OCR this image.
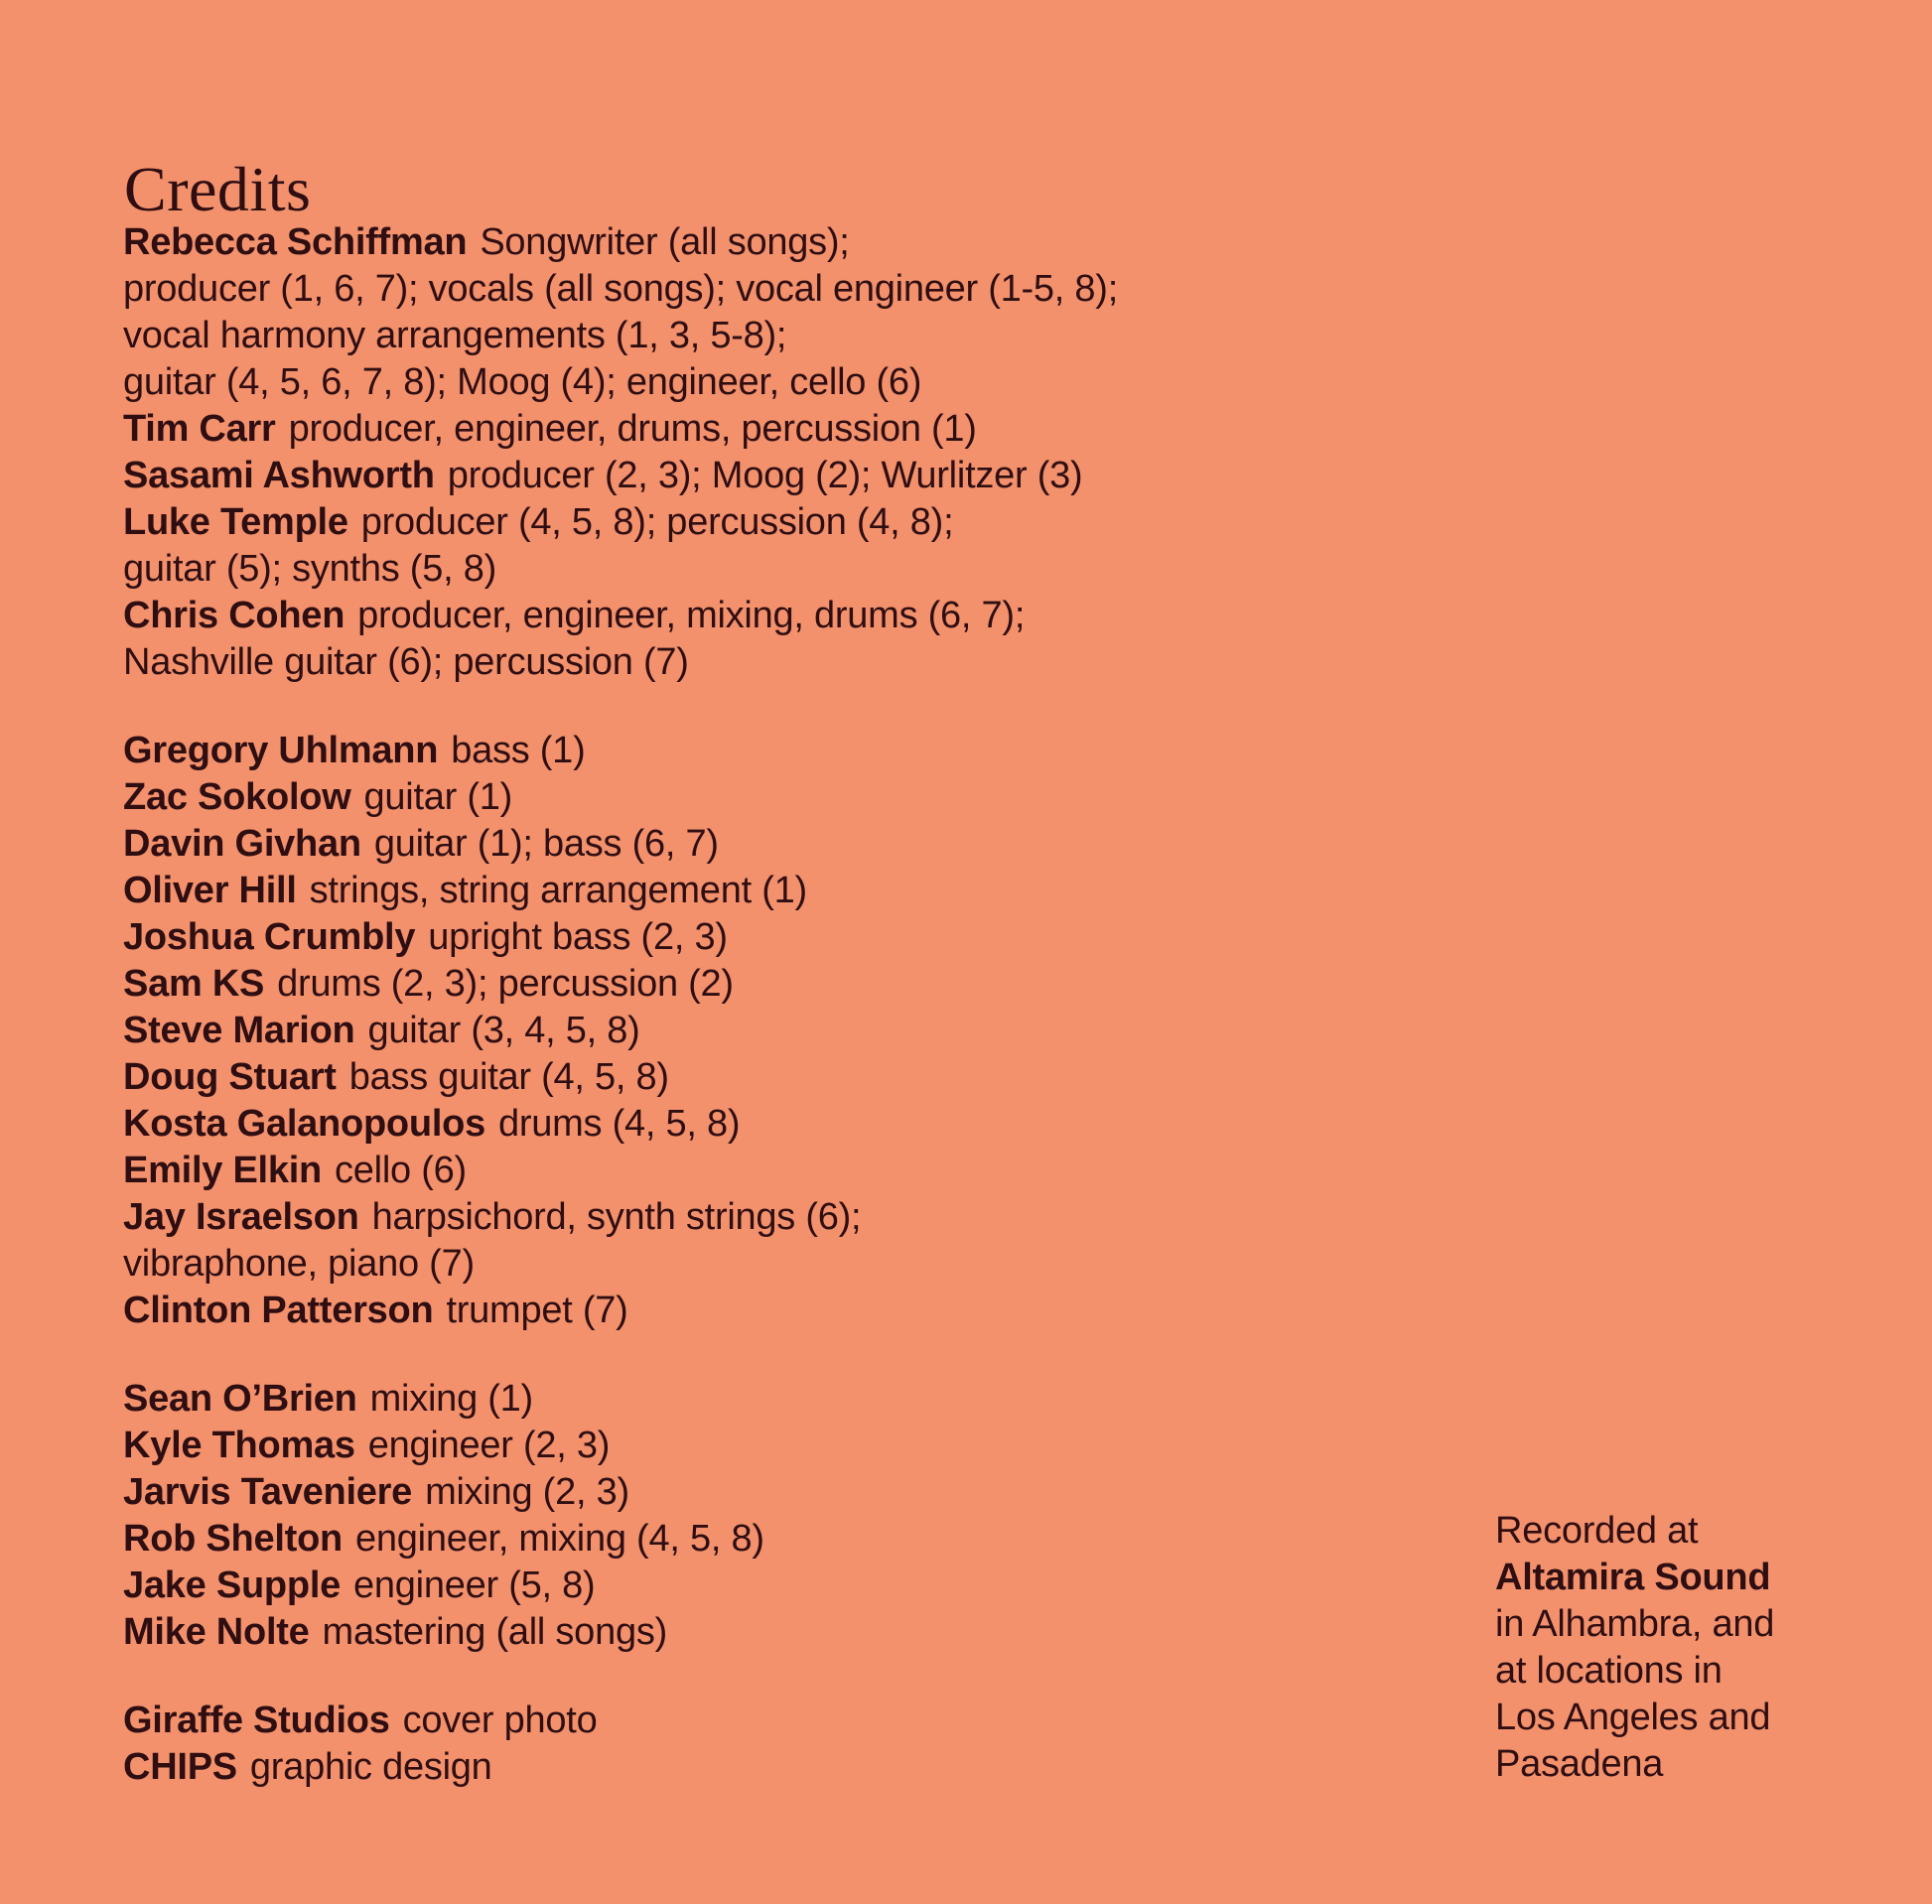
Credits
Rebecca Schiffman Songwriter (all songs);
producer (1, 6, 7); vocals (all songs); vocal engineer (1-5, 8);
vocal harmony arrangements (1, 3, 5-8);
guitar (4, 5, 6, 7, 8); Moog (4); engineer, cello (6)
Tim Carr producer, engineer, drums, percussion (1)
Sasami Ashworth producer (2, 3); Moog (2); Wurlitzer (3)
Luke Temple producer (4, 5, 8); percussion (4, 8);
guitar (5); synths (5, 8)
Chris Cohen producer, engineer, mixing, drums (6, 7);
Nashville guitar (6); percussion (7)
Gregory Uhlmann bass (1)
Zac Sokolow guitar (1)
Davin Givhan guitar (1); bass (6, 7)
Oliver Hill strings, string arrangement (1)
Joshua Crumbly upright bass (2, 3)
Sam KS drums (2, 3); percussion (2)
Steve Marion guitar (3, 4, 5, 8)
Doug Stuart bass guitar (4, 5, 8)
Kosta Galanopoulos drums (4, 5, 8)
Emily Elkin cello (6)
Jay Israelson harpsichord, synth strings (6);
vibraphone, piano (7)
Clinton Patterson trumpet (7)
Sean O’Brien mixing (1)
Kyle Thomas engineer (2, 3)
Jarvis Taveniere mixing (2, 3)
Rob Shelton engineer, mixing (4, 5, 8)
Jake Supple engineer (5, 8)
Mike Nolte mastering (all songs)
Giraffe Studios cover photo
CHIPS graphic design
Recorded at
Altamira Sound
in Alhambra, and
at locations in
Los Angeles and
Pasadena
